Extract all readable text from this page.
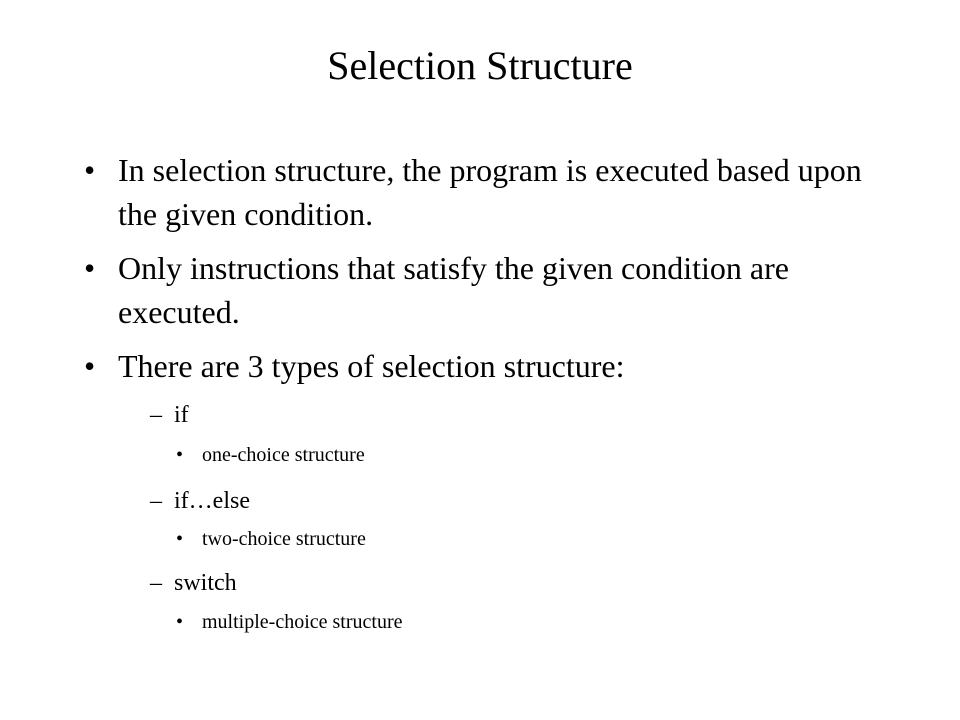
Selection Structure
• In selection structure, the program is executed based upon the given condition.
• Only instructions that satisfy the given condition are executed.
• There are 3 types of selection structure:
– if
• one-choice structure
– if…else
• two-choice structure
– switch
• multiple-choice structure
